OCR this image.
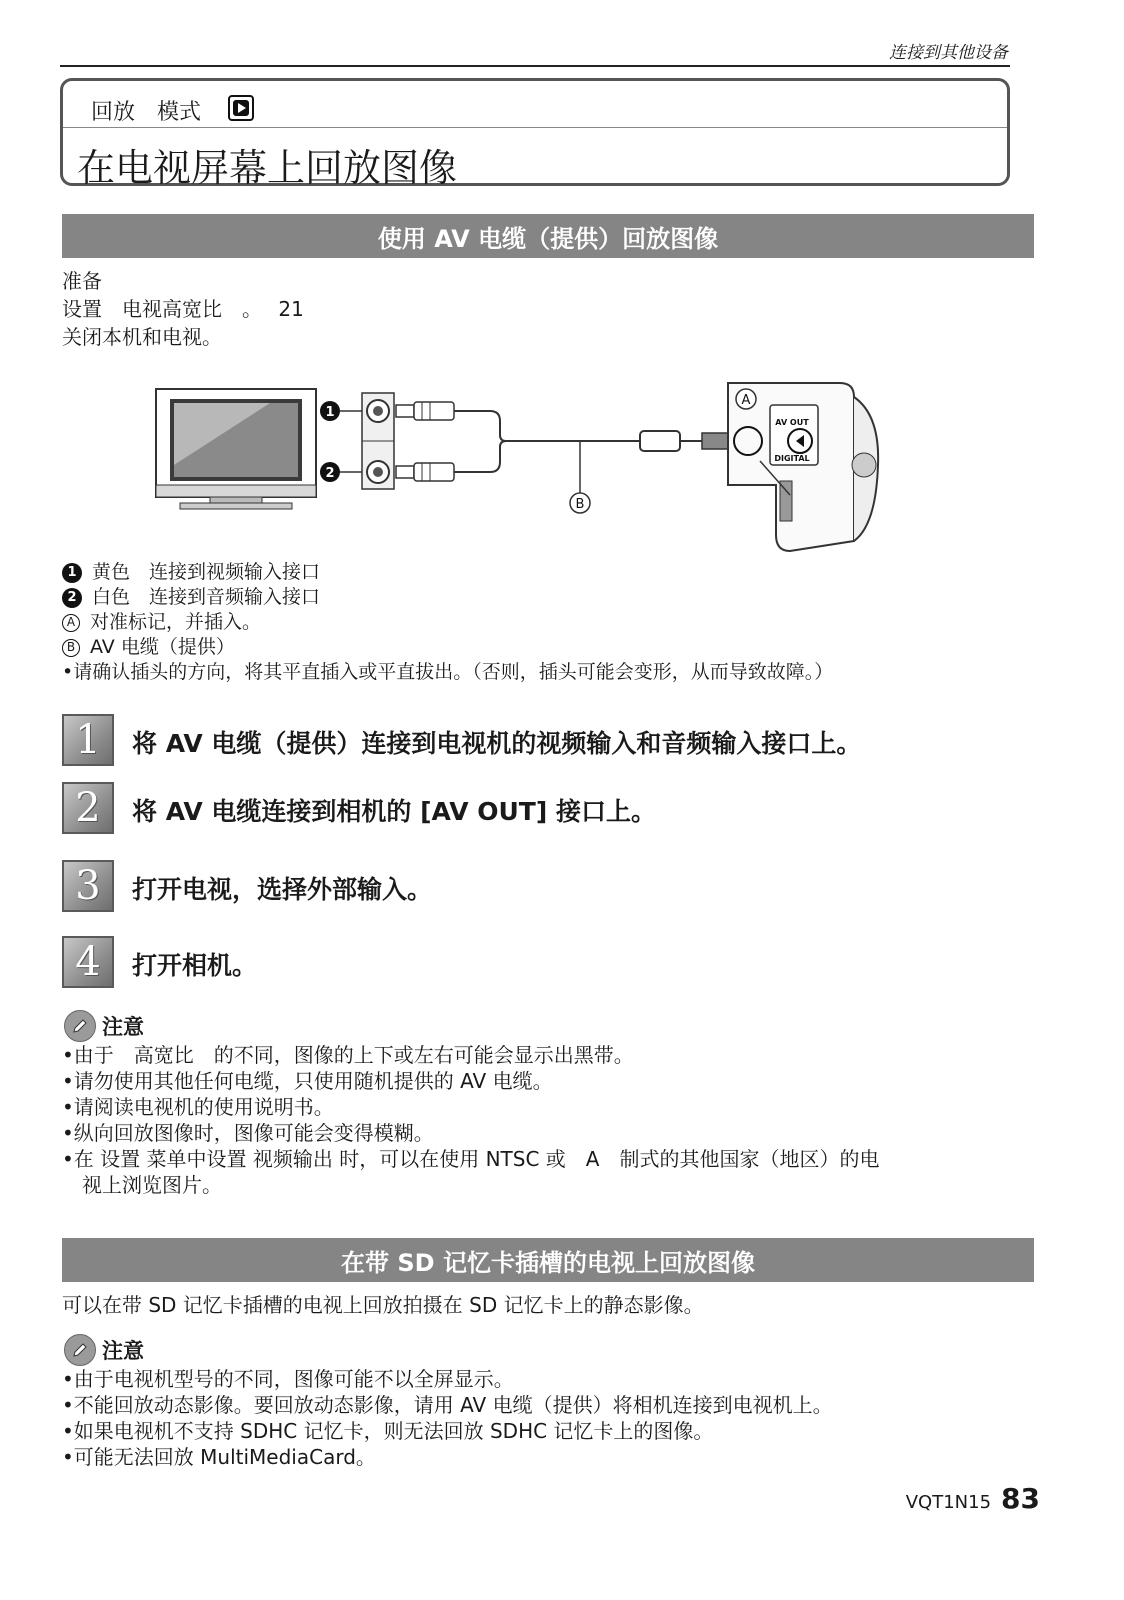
连接到其他设备
回放　模式
在电视屏幕上回放图像
使用 AV 电缆（提供）回放图像
准备
设置　电视高宽比　。　 21
关闭本机和电视。
1
2
B
AV OUT
DIGITAL
A
1 黄色　连接到视频输入接口
2 白色　连接到音频输入接口
A 对准标记，并插入。
B AV 电缆（提供）
•请确认插头的方向，将其平直插入或平直拔出。（否则，插头可能会变形，从而导致故障。）
1	将 AV 电缆（提供）连接到电视机的视频输入和音频输入接口上。
2	将 AV 电缆连接到相机的 [AV OUT] 接口上。
3	打开电视，选择外部输入。
4	打开相机。
注意
•由于　高宽比　的不同，图像的上下或左右可能会显示出黑带。
•请勿使用其他任何电缆，只使用随机提供的 AV 电缆。
•请阅读电视机的使用说明书。
•纵向回放图像时，图像可能会变得模糊。
•在 设置 菜单中设置 视频输出 时，可以在使用 NTSC 或　A　制式的其他国家（地区）的电
　视上浏览图片。
在带 SD 记忆卡插槽的电视上回放图像
可以在带 SD 记忆卡插槽的电视上回放拍摄在 SD 记忆卡上的静态影像。
注意
•由于电视机型号的不同，图像可能不以全屏显示。
•不能回放动态影像。要回放动态影像，请用 AV 电缆（提供）将相机连接到电视机上。
•如果电视机不支持 SDHC 记忆卡，则无法回放 SDHC 记忆卡上的图像。
•可能无法回放 MultiMediaCard。
VQT1N15 83
